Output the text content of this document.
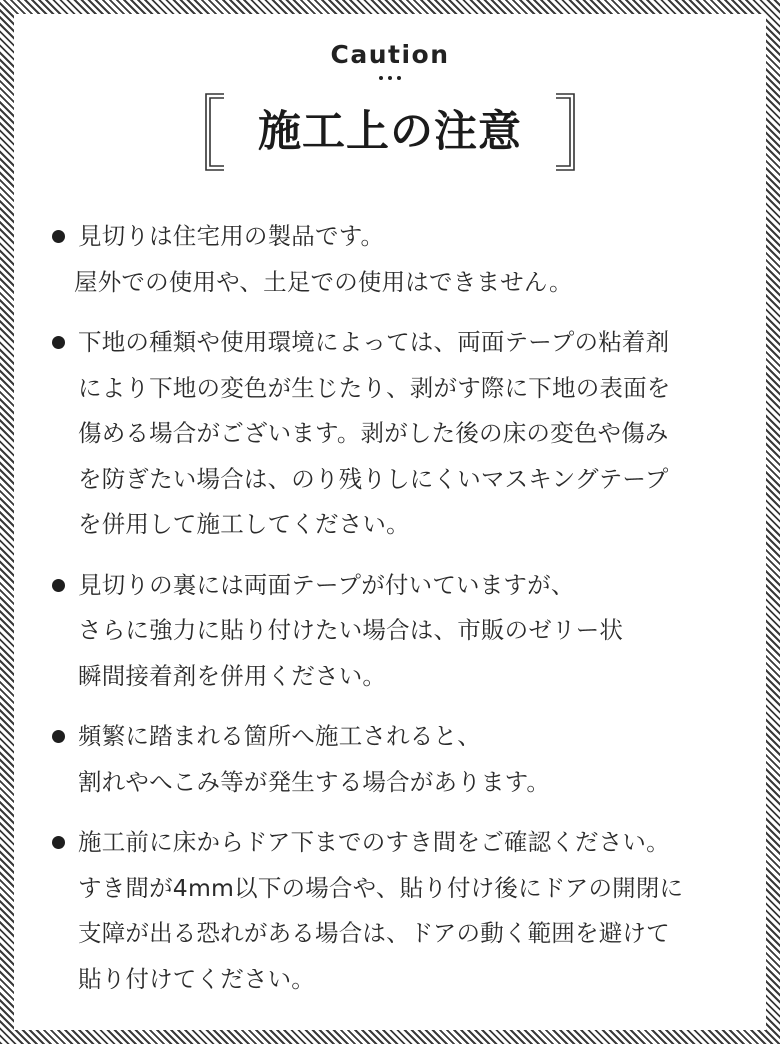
Caution
施工上の注意
見切りは住宅用の製品です。
屋外での使用や、土足での使用はできません。
下地の種類や使用環境によっては、両面テープの粘着剤
により下地の変色が生じたり、剥がす際に下地の表面を
傷める場合がございます。剥がした後の床の変色や傷み
を防ぎたい場合は、のり残りしにくいマスキングテープ
を併用して施工してください。
見切りの裏には両面テープが付いていますが、
さらに強力に貼り付けたい場合は、市販のゼリー状
瞬間接着剤を併用ください。
頻繁に踏まれる箇所へ施工されると、
割れやへこみ等が発生する場合があります。
施工前に床からドア下までのすき間をご確認ください。
すき間が4mm以下の場合や、貼り付け後にドアの開閉に
支障が出る恐れがある場合は、ドアの動く範囲を避けて
貼り付けてください。
